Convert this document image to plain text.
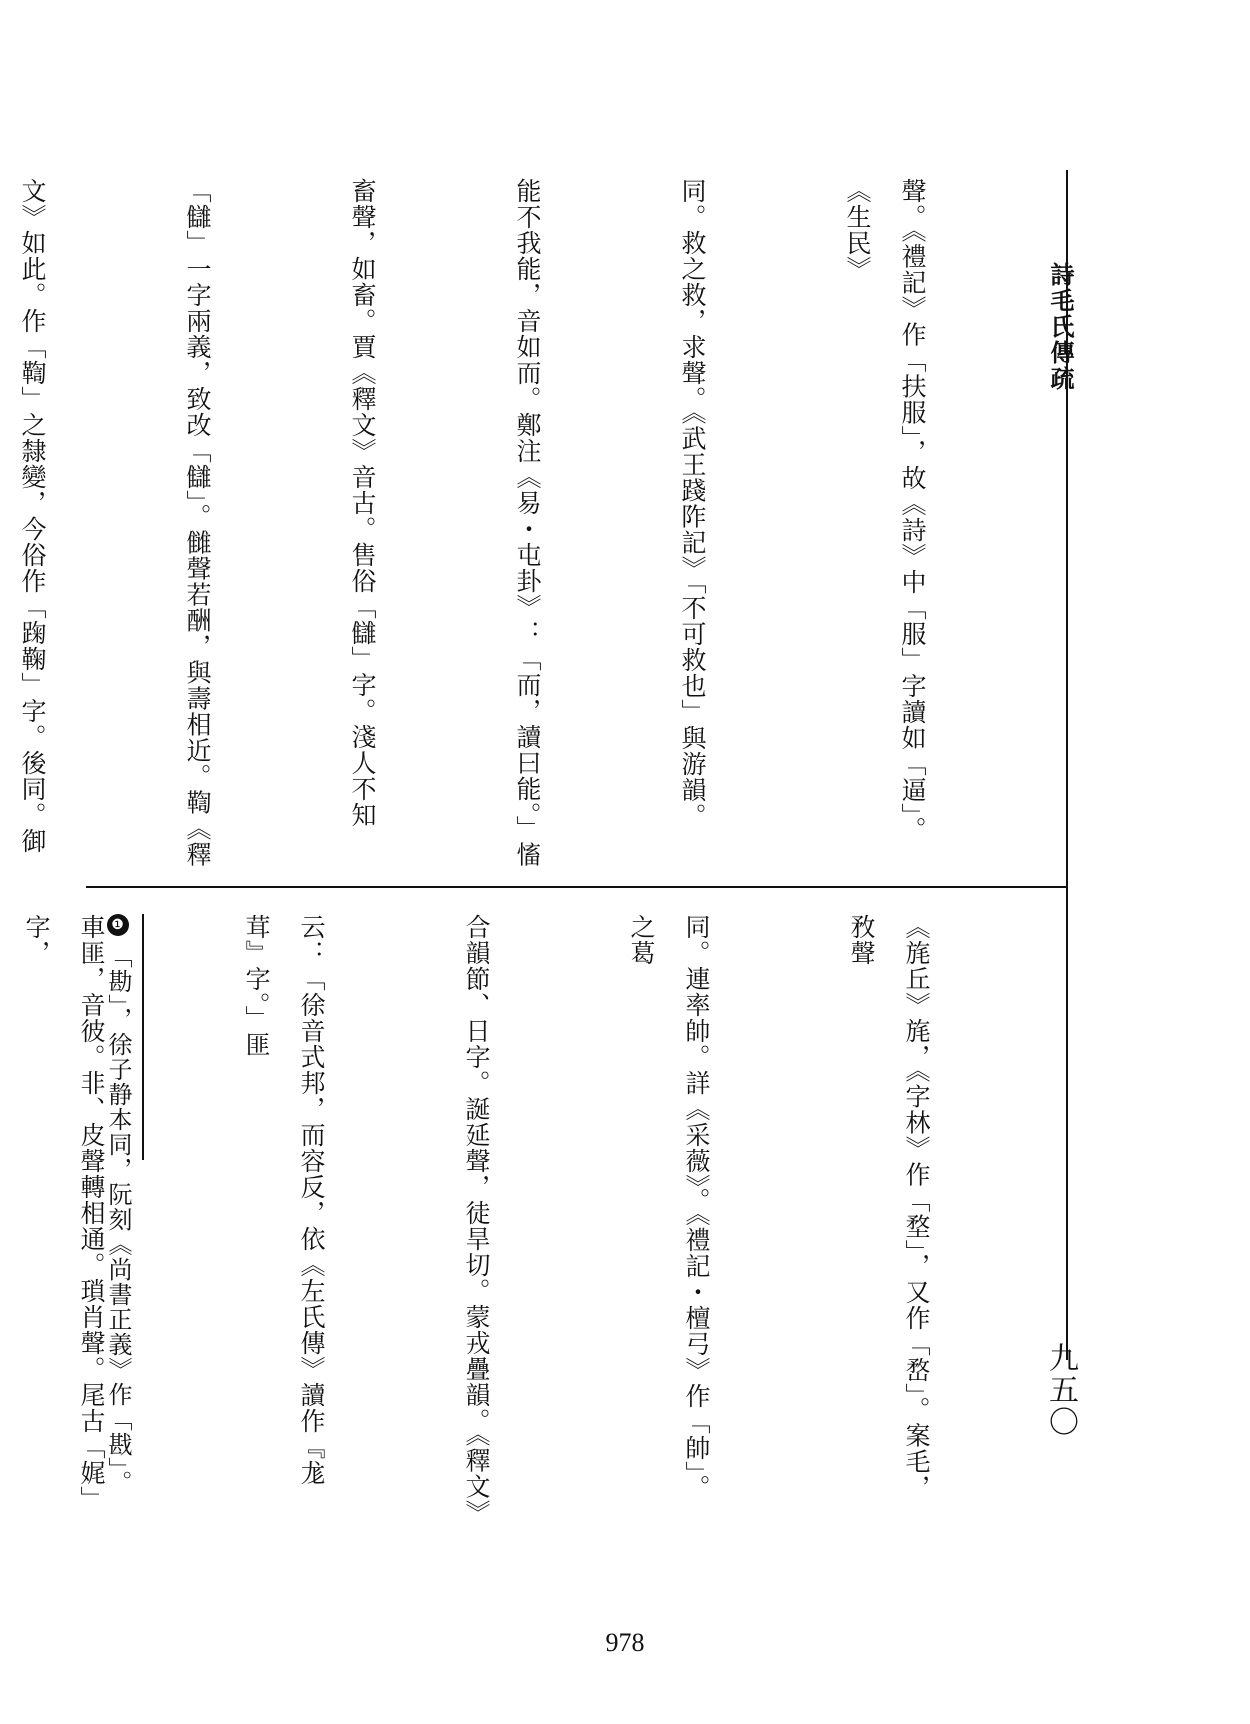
詩毛氏傳疏
九五〇

聲。《禮記》作「扶服」，故《詩》中「服」字讀如「逼」。《生民》

同。救之救，求聲。《武王踐阼記》「不可救也」與游韻。

能不我能，音如而。鄭注《易・屯卦》：「而，讀曰能。」慉

畜聲，如畜。賈《釋文》音古。售俗「讎」字。淺人不知

「讎」一字兩義，致改「讎」。雠聲若酬，與壽相近。鞫《釋

文》如此。作「鞫」之隸變，今俗作「踘鞠」字。後同。御

《旄丘》旄，《字林》作「堥」，又作「嵍」。案毛，敄聲

同。連率帥。詳《采薇》。《禮記・檀弓》作「帥」。之葛

合韻節、日字。誕延聲，徒旱切。蒙戎疊韻。《釋文》

云：「徐音式邦，而容反，依《左氏傳》讀作『尨茸』字。」匪

車匪，音彼。非、皮聲轉相通。瑣肖聲。尾古「娓」字，

	❶「勘」，徐子静本同，阮刻《尚書正義》作「戡」。
978
